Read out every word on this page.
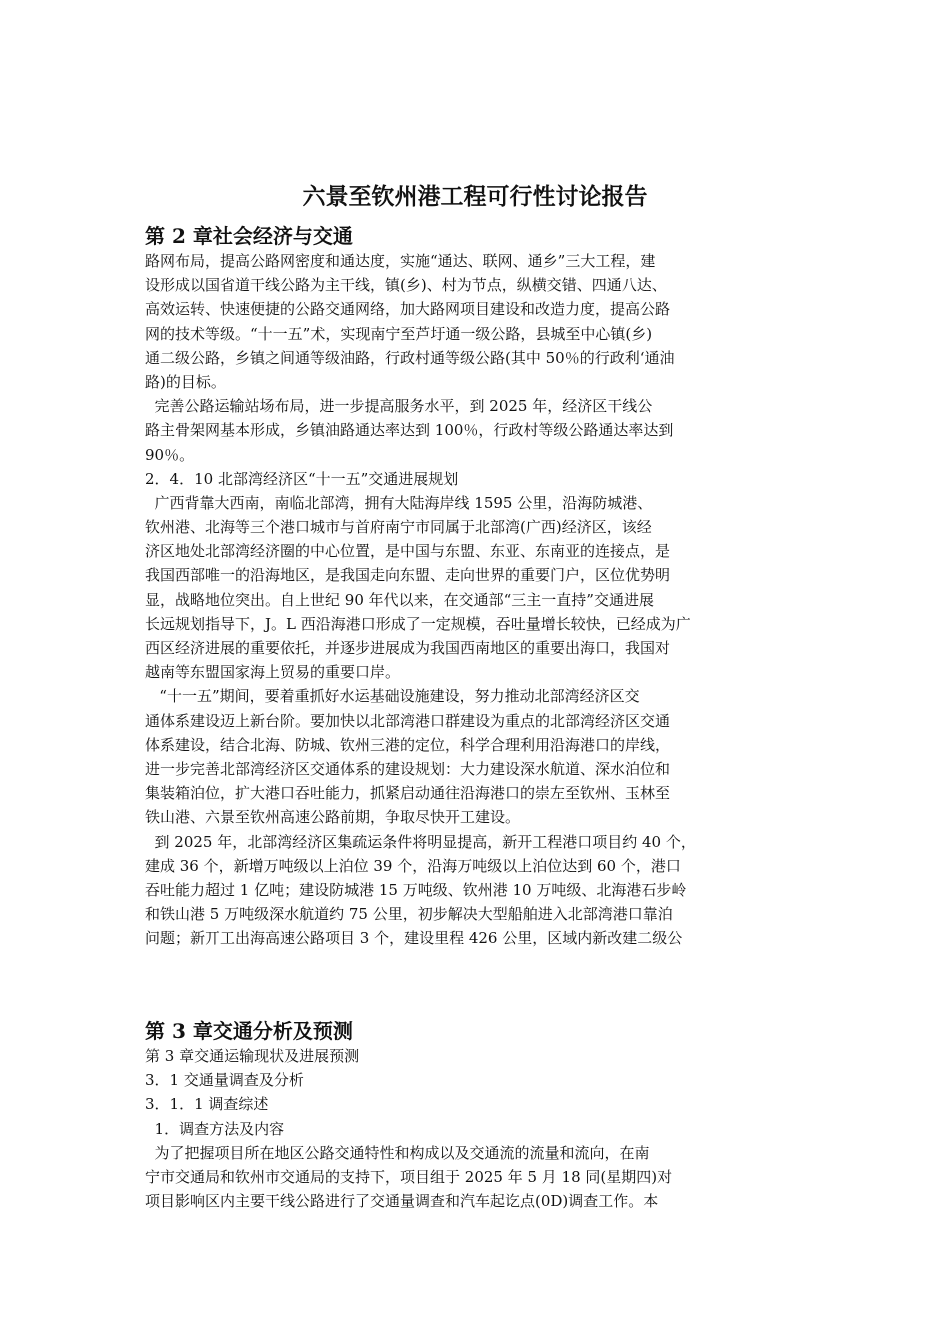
六景至钦州港工程可行性讨论报告
第 2 章社会经济与交通
路网布局，提高公路网密度和通达度，实施“通达、联网、通乡”三大工程，建
设形成以国省道干线公路为主干线，镇(乡)、村为节点，纵横交错、四通八达、
高效运转、快速便捷的公路交通网络，加大路网项目建设和改造力度，提高公路
网的技术等级。“十一五”术，实现南宁至芦圩通一级公路，县城至中心镇(乡)
通二级公路，乡镇之间通等级油路，行政村通等级公路(其中 50％的行政利‘通油
路)的目标。
完善公路运输站场布局，进一步提高服务水平，到 2025 年，经济区干线公
路主骨架网基本形成，乡镇油路通达率达到 100％，行政村等级公路通达率达到
90％。
2．4．10 北部湾经济区“十一五”交通进展规划
广西背靠大西南，南临北部湾，拥有大陆海岸线 1595 公里，沿海防城港、
钦州港、北海等三个港口城市与首府南宁市同属于北部湾(广西)经济区，该经
济区地处北部湾经济圈的中心位置，是中国与东盟、东亚、东南亚的连接点，是
我国西部唯一的沿海地区，是我国走向东盟、走向世界的重要门户，区位优势明
显，战略地位突出。自上世纪 90 年代以来，在交通部“三主一直持”交通进展
长远规划指导下，J。L 西沿海港口形成了一定规模，吞吐量增长较快，已经成为广
西区经济进展的重要依托，并逐步进展成为我国西南地区的重要出海口，我国对
越南等东盟国家海上贸易的重要口岸。
“十一五”期间，要着重抓好水运基础设施建设，努力推动北部湾经济区交
通体系建设迈上新台阶。要加快以北部湾港口群建设为重点的北部湾经济区交通
体系建设，结合北海、防城、钦州三港的定位，科学合理利用沿海港口的岸线，
进一步完善北部湾经济区交通体系的建设规划：大力建设深水航道、深水泊位和
集装箱泊位，扩大港口吞吐能力，抓紧启动通往沿海港口的崇左至钦州、玉林至
铁山港、六景至钦州高速公路前期，争取尽快开工建设。
到 2025 年，北部湾经济区集疏运条件将明显提高，新开工程港口项目约 40 个，
建成 36 个，新增万吨级以上泊位 39 个，沿海万吨级以上泊位达到 60 个，港口
吞吐能力超过 1 亿吨；建设防城港 15 万吨级、钦州港 10 万吨级、北海港石步岭
和铁山港 5 万吨级深水航道约 75 公里，初步解决大型船舶进入北部湾港口靠泊
问题；新丌工出海高速公路项目 3 个，建设里程 426 公里，区域内新改建二级公
第 3 章交通分析及预测
第 3 章交通运输现状及进展预测
3．1 交通量调查及分析
3．1．1 调查综述
1．调查方法及内容
为了把握项目所在地区公路交通特性和构成以及交通流的流量和流向，在南
宁市交通局和钦州市交通局的支持下，项目组于 2025 年 5 月 18 同(星期四)对
项目影响区内主要干线公路进行了交通量调查和汽车起讫点(0D)调查工作。本
